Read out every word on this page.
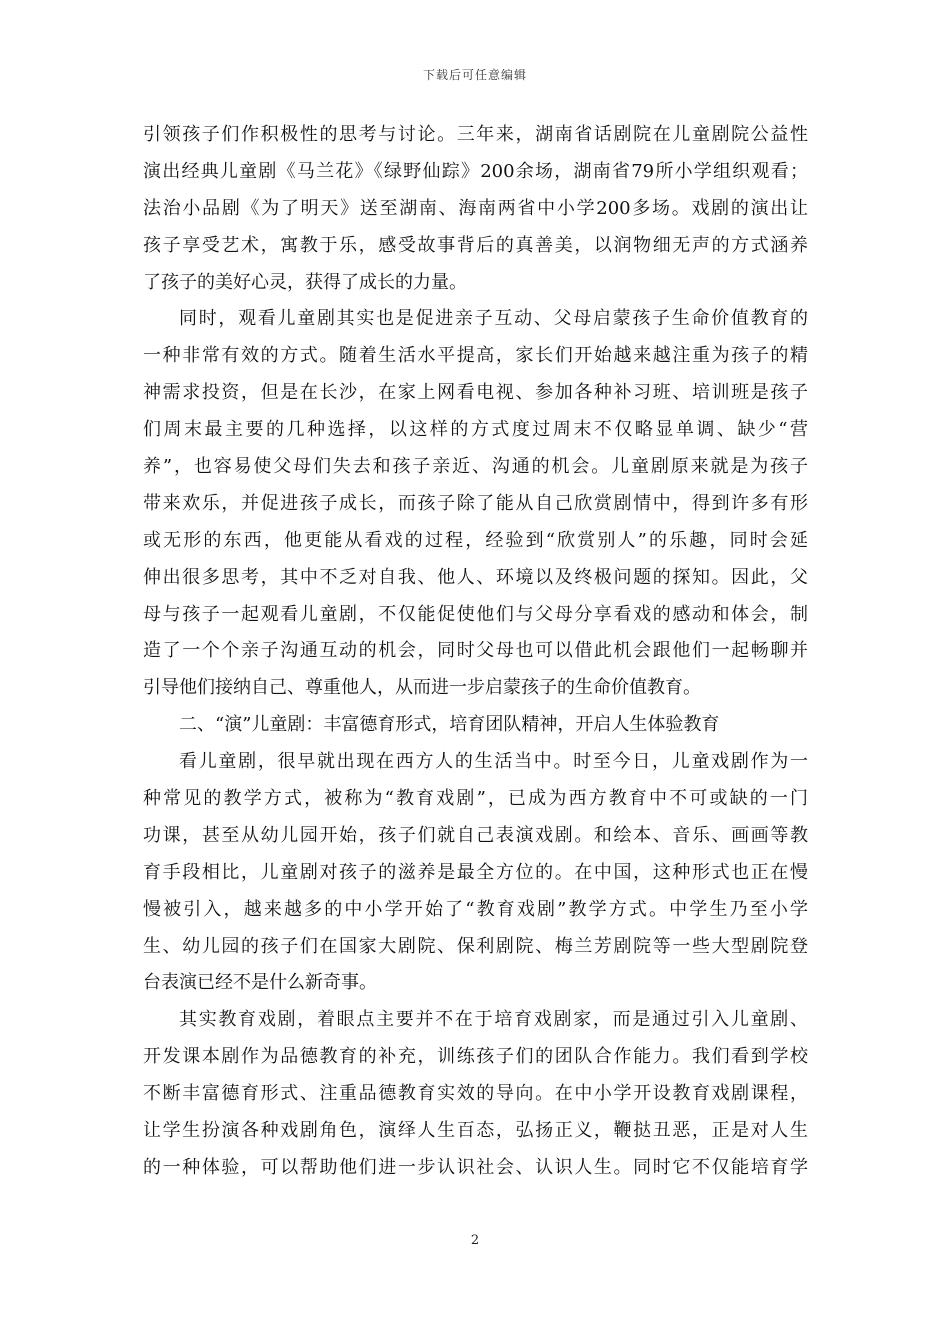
下载后可任意编辑
引领孩子们作积极性的思考与讨论。三年来，湖南省话剧院在儿童剧院公益性
演出经典儿童剧《马兰花》《绿野仙踪》200余场，湖南省79所小学组织观看；
法治小品剧《为了明天》送至湖南、海南两省中小学200多场。戏剧的演出让
孩子享受艺术，寓教于乐，感受故事背后的真善美，以润物细无声的方式涵养
了孩子的美好心灵，获得了成长的力量。
同时，观看儿童剧其实也是促进亲子互动、父母启蒙孩子生命价值教育的
一种非常有效的方式。随着生活水平提高，家长们开始越来越注重为孩子的精
神需求投资，但是在长沙，在家上网看电视、参加各种补习班、培训班是孩子
们周末最主要的几种选择，以这样的方式度过周末不仅略显单调、缺少“营
养”，也容易使父母们失去和孩子亲近、沟通的机会。儿童剧原来就是为孩子
带来欢乐，并促进孩子成长，而孩子除了能从自己欣赏剧情中，得到许多有形
或无形的东西，他更能从看戏的过程，经验到“欣赏别人”的乐趣，同时会延
伸出很多思考，其中不乏对自我、他人、环境以及终极问题的探知。因此，父
母与孩子一起观看儿童剧，不仅能促使他们与父母分享看戏的感动和体会，制
造了一个个亲子沟通互动的机会，同时父母也可以借此机会跟他们一起畅聊并
引导他们接纳自己、尊重他人，从而进一步启蒙孩子的生命价值教育。
二、“演”儿童剧：丰富德育形式，培育团队精神，开启人生体验教育
看儿童剧，很早就出现在西方人的生活当中。时至今日，儿童戏剧作为一
种常见的教学方式，被称为“教育戏剧”，已成为西方教育中不可或缺的一门
功课，甚至从幼儿园开始，孩子们就自己表演戏剧。和绘本、音乐、画画等教
育手段相比，儿童剧对孩子的滋养是最全方位的。在中国，这种形式也正在慢
慢被引入，越来越多的中小学开始了“教育戏剧”教学方式。中学生乃至小学
生、幼儿园的孩子们在国家大剧院、保利剧院、梅兰芳剧院等一些大型剧院登
台表演已经不是什么新奇事。
其实教育戏剧，着眼点主要并不在于培育戏剧家，而是通过引入儿童剧、
开发课本剧作为品德教育的补充，训练孩子们的团队合作能力。我们看到学校
不断丰富德育形式、注重品德教育实效的导向。在中小学开设教育戏剧课程，
让学生扮演各种戏剧角色，演绎人生百态，弘扬正义，鞭挞丑恶，正是对人生
的一种体验，可以帮助他们进一步认识社会、认识人生。同时它不仅能培育学
2
